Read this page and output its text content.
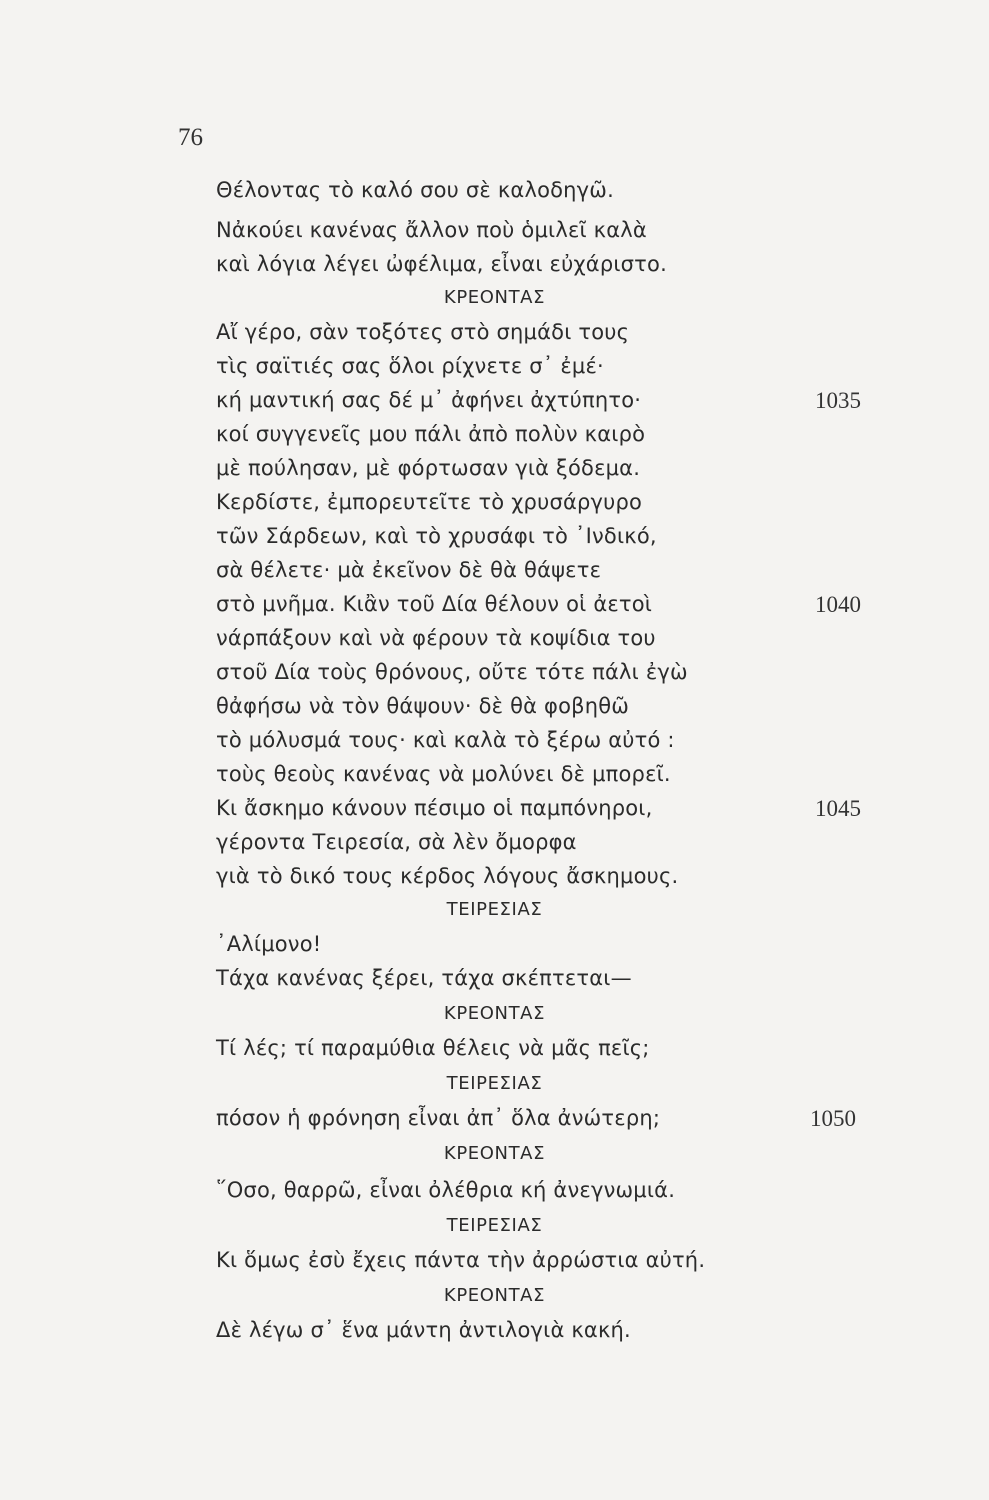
76
Θέλοντας τὸ καλό σου σὲ καλοδηγῶ.
Νἀκούει κανένας ἄλλον ποὺ ὁμιλεῖ καλὰ
καὶ λόγια λέγει ὠφέλιμα, εἶναι εὐχάριστο.
ΚΡΕΟΝΤΑΣ
Αἴ γέρο, σὰν τοξότες στὸ σημάδι τους
τὶς σαϊτιές σας ὅλοι ρίχνετε σ᾽ ἐμέ·
κή μαντική σας δέ μ᾽ ἀφήνει ἀχτύπητο·
κοί συγγενεῖς μου πάλι ἀπὸ πολὺν καιρὸ
μὲ πούλησαν, μὲ φόρτωσαν γιὰ ξόδεμα.
Κερδίστε, ἐμπορευτεῖτε τὸ χρυσάργυρο
τῶν Σάρδεων, καὶ τὸ χρυσάφι τὸ ᾿Ινδικό,
σὰ θέλετε· μὰ ἐκεῖνον δὲ θὰ θάψετε
στὸ μνῆμα. Κιἂν τοῦ Δία θέλουν οἱ ἀετοὶ
νάρπάξουν καὶ νὰ φέρουν τὰ κοψίδια του
στοῦ Δία τοὺς θρόνους, οὔτε τότε πάλι ἐγὼ
θἀφήσω νὰ τὸν θάψουν· δὲ θὰ φοβηθῶ
τὸ μόλυσμά τους· καὶ καλὰ τὸ ξέρω αὐτό :
τοὺς θεοὺς κανένας νὰ μολύνει δὲ μπορεῖ.
Κι ἄσκημο κάνουν πέσιμο οἱ παμπόνηροι,
γέροντα Τειρεσία, σὰ λὲν ὄμορφα
γιὰ τὸ δικό τους κέρδος λόγους ἄσκημους.
ΤΕΙΡΕΣΙΑΣ
᾿Αλίμονο!
Τάχα κανένας ξέρει, τάχα σκέπτεται—
ΚΡΕΟΝΤΑΣ
Τί λές; τί παραμύθια θέλεις νὰ μᾶς πεῖς;
ΤΕΙΡΕΣΙΑΣ
πόσον ἡ φρόνηση εἶναι ἀπ᾽ ὅλα ἀνώτερη;
ΚΡΕΟΝΤΑΣ
῞Οσο, θαρρῶ, εἶναι ὀλέθρια κή ἀνεγνωμιά.
ΤΕΙΡΕΣΙΑΣ
Κι ὅμως ἐσὺ ἔχεις πάντα τὴν ἀρρώστια αὐτή.
ΚΡΕΟΝΤΑΣ
Δὲ λέγω σ᾽ ἕνα μάντη ἀντιλογιὰ κακή.
1035
1040
1045
1050
